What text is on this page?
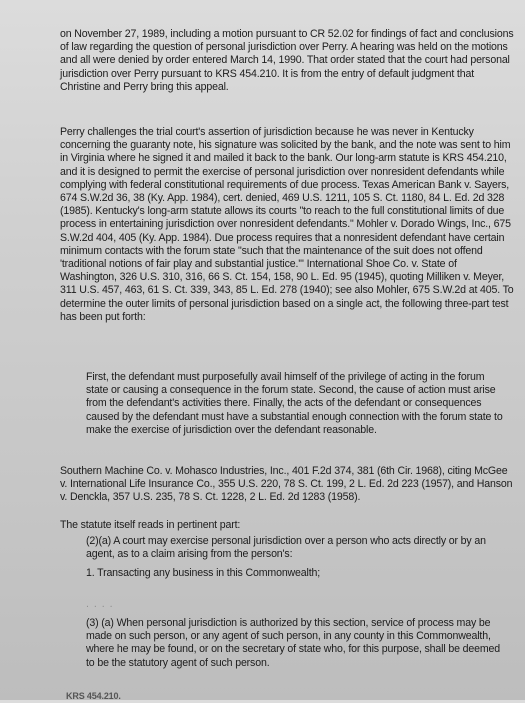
on November 27, 1989, including a motion pursuant to CR 52.02 for findings of fact and conclusions of law regarding the question of personal jurisdiction over Perry. A hearing was held on the motions and all were denied by order entered March 14, 1990. That order stated that the court had personal jurisdiction over Perry pursuant to KRS 454.210. It is from the entry of default judgment that Christine and Perry bring this appeal.

Perry challenges the trial court's assertion of jurisdiction because he was never in Kentucky concerning the guaranty note, his signature was solicited by the bank, and the note was sent to him in Virginia where he signed it and mailed it back to the bank. Our long-arm statute is KRS 454.210, and it is designed to permit the exercise of personal jurisdiction over nonresident defendants while complying with federal constitutional requirements of due process. Texas American Bank v. Sayers, 674 S.W.2d 36, 38 (Ky. App. 1984), cert. denied, 469 U.S. 1211, 105 S. Ct. 1180, 84 L. Ed. 2d 328 (1985). Kentucky's long-arm statute allows its courts "to reach to the full constitutional limits of due process in entertaining jurisdiction over nonresident defendants." Mohler v. Dorado Wings, Inc., 675 S.W.2d 404, 405 (Ky. App. 1984). Due process requires that a nonresident defendant have certain minimum contacts with the forum state "such that the maintenance of the suit does not offend 'traditional notions of fair play and substantial justice.'" International Shoe Co. v. State of Washington, 326 U.S. 310, 316, 66 S. Ct. 154, 158, 90 L. Ed. 95 (1945), quoting Milliken v. Meyer, 311 U.S. 457, 463, 61 S. Ct. 339, 343, 85 L. Ed. 278 (1940); see also Mohler, 675 S.W.2d at 405. To determine the outer limits of personal jurisdiction based on a single act, the following three-part test has been put forth:

First, the defendant must purposefully avail himself of the privilege of acting in the forum state or causing a consequence in the forum state. Second, the cause of action must arise from the defendant's activities there. Finally, the acts of the defendant or consequences caused by the defendant must have a substantial enough connection with the forum state to make the exercise of jurisdiction over the defendant reasonable.

Southern Machine Co. v. Mohasco Industries, Inc., 401 F.2d 374, 381 (6th Cir. 1968), citing McGee v. International Life Insurance Co., 355 U.S. 220, 78 S. Ct. 199, 2 L. Ed. 2d 223 (1957), and Hanson v. Denckla, 357 U.S. 235, 78 S. Ct. 1228, 2 L. Ed. 2d 1283 (1958).

The statute itself reads in pertinent part:

(2)(a) A court may exercise personal jurisdiction over a person who acts directly or by an agent, as to a claim arising from the person's:

1. Transacting any business in this Commonwealth;

. . . .

(3) (a) When personal jurisdiction is authorized by this section, service of process may be made on such person, or any agent of such person, in any county in this Commonwealth, where he may be found, or on the secretary of state who, for this purpose, shall be deemed to be the statutory agent of such person.

KRS 454.210.
